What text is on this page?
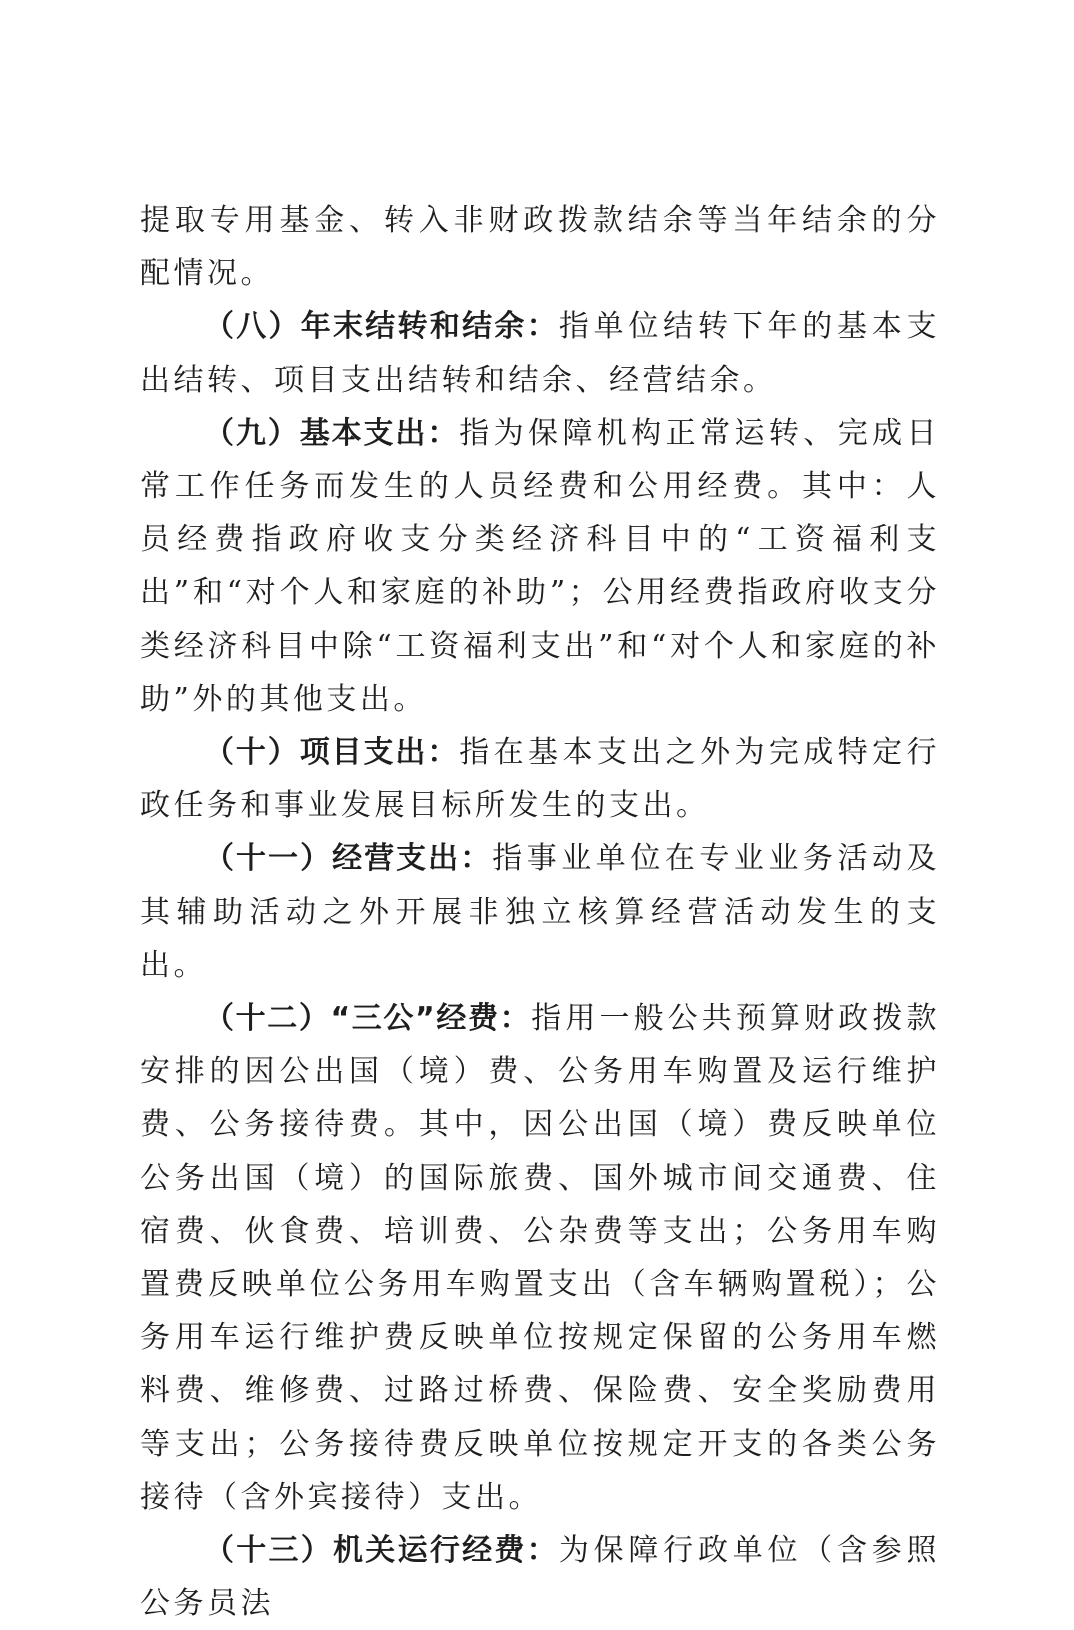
提取专用基金、转入非财政拨款结余等当年结余的分配情况。

（八）年末结转和结余：指单位结转下年的基本支出结转、项目支出结转和结余、经营结余。

（九）基本支出：指为保障机构正常运转、完成日常工作任务而发生的人员经费和公用经费。其中：人员经费指政府收支分类经济科目中的“工资福利支出”和“对个人和家庭的补助”；公用经费指政府收支分类经济科目中除“工资福利支出”和“对个人和家庭的补助”外的其他支出。

（十）项目支出：指在基本支出之外为完成特定行政任务和事业发展目标所发生的支出。

（十一）经营支出：指事业单位在专业业务活动及其辅助活动之外开展非独立核算经营活动发生的支出。

（十二）“三公”经费：指用一般公共预算财政拨款安排的因公出国（境）费、公务用车购置及运行维护费、公务接待费。其中，因公出国（境）费反映单位公务出国（境）的国际旅费、国外城市间交通费、住宿费、伙食费、培训费、公杂费等支出；公务用车购置费反映单位公务用车购置支出（含车辆购置税）；公务用车运行维护费反映单位按规定保留的公务用车燃料费、维修费、过路过桥费、保险费、安全奖励费用等支出；公务接待费反映单位按规定开支的各类公务接待（含外宾接待）支出。

（十三）机关运行经费：为保障行政单位（含参照公务员法
